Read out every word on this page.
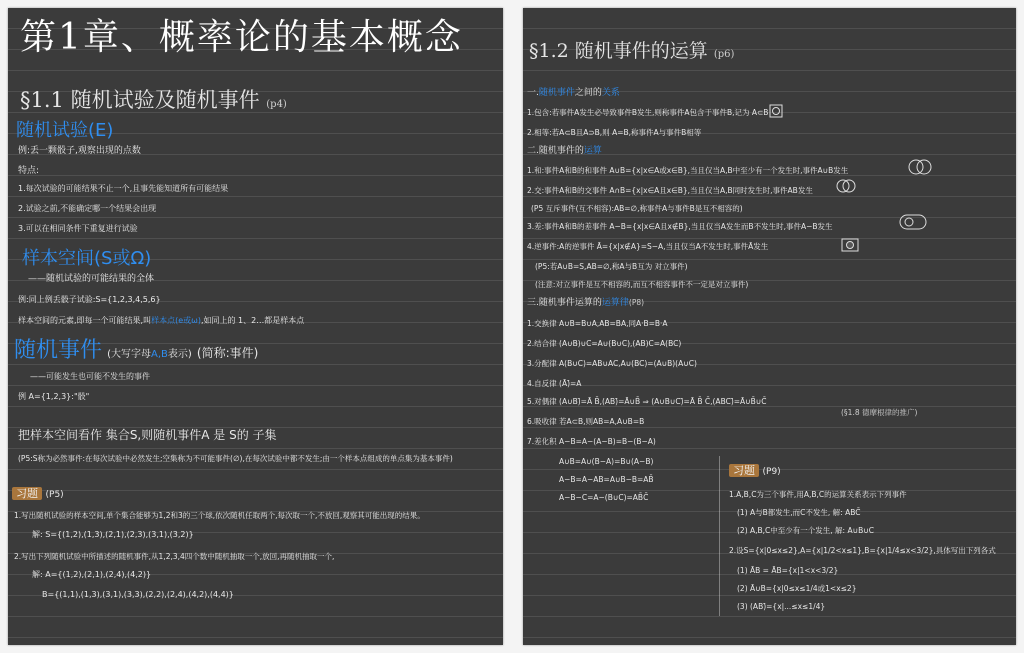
第1章、概率论的基本概念
§1.1 随机试验及随机事件 (p4)
随机试验(E)
例:丢一颗骰子,观察出现的点数
特点:
1.每次试验的可能结果不止一个,且事先能知道所有可能结果
2.试验之前,不能确定哪一个结果会出现
3.可以在相同条件下重复进行试验
样本空间(S或Ω)
——随机试验的可能结果的全体
例:同上例丢骰子试验:S={1,2,3,4,5,6}
样本空间的元素,即每一个可能结果,叫样本点(e或ω),如同上的 1、2…都是样本点
随机事件 (大写字母A,B表示) (简称:事件)
——可能发生也可能不发生的事件
例 A={1,2,3}:"骰"
把样本空间看作 集合S,则随机事件A 是 S的 子集
(P5:S称为必然事件:在每次试验中必然发生;空集称为不可能事件(∅),在每次试验中都不发生;由一个样本点组成的单点集为基本事件)
习题 (P5)
1.写出随机试验的样本空间,单个集合能够为1,2和3的三个球,依次随机任取两个,每次取一个,不放回,观察其可能出现的结果。
解: S={(1,2),(1,3),(2,1),(2,3),(3,1),(3,2)}
2.写出下列随机试验中所描述的随机事件,从1,2,3,4四个数中随机抽取一个,放回,再随机抽取一个,
解: A={(1,2),(2,1),(2,4),(4,2)}
B={(1,1),(1,3),(3,1),(3,3),(2,2),(2,4),(4,2),(4,4)}
§1.2 随机事件的运算 (p6)
一.随机事件之间的关系
1.包含:若事件A发生必导致事件B发生,则称事件A包含于事件B,记为 A⊂B
2.相等:若A⊂B且A⊃B,则 A=B,称事件A与事件B相等
二.随机事件的运算
1.和:事件A和B的和事件 A∪B={x|x∈A或x∈B},当且仅当A,B中至少有一个发生时,事件A∪B发生
2.交:事件A和B的交事件 A∩B={x|x∈A且x∈B},当且仅当A,B同时发生时,事件AB发生
(P5 互斥事件(互不相容):AB=∅,称事件A与事件B是互不相容的)
3.差:事件A和B的差事件 A−B={x|x∈A且x∉B},当且仅当A发生而B不发生时,事件A−B发生
4.逆事件:A的逆事件 Ā={x|x∉A}=S−A,当且仅当A不发生时,事件Ā发生
(P5:若A∪B=S,AB=∅,称A与B互为 对立事件)
(注意:对立事件是互不相容的,而互不相容事件不一定是对立事件)
三.随机事件运算的运算律(P8)
1.交换律 A∪B=B∪A,AB=BA,同A·B=B·A
2.结合律 (A∪B)∪C=A∪(B∪C),(AB)C=A(BC)
3.分配律 A(B∪C)=AB∪AC,A∪(BC)=(A∪B)(A∪C)
4.自反律 (Ā)̄=A
5.对偶律 (A∪B)̄=Ā B̄,(AB)̄=Ā∪B̄ ⇒ (A∪B∪C)̄=Ā B̄ C̄,(ABC)̄=Ā∪B̄∪C̄
(§1.8 德摩根律的推广)
6.吸收律 若A⊂B,则AB=A,A∪B=B
7.差化积 A−B=A−(A−B)=B−(B−A)
A∪B=A∪(B−A)=B∪(A−B)
A−B=A−AB=A∪B−B=AB̄
A−B−C=A−(B∪C)=AB̄C̄
习题 (P9)
1.A,B,C为三个事件,用A,B,C的运算关系表示下列事件
(1) A与B都发生,而C不发生, 解: ABC̄
(2) A,B,C中至少有一个发生, 解: A∪B∪C
2.设S={x|0≤x≤2},A={x|1/2<x≤1},B={x|1/4≤x<3/2},具体写出下列各式
(1) ĀB = ĀB={x|1<x<3/2}
(2) Ā∪B={x|0≤x≤1/4或1<x≤2}
(3) (AB)̄={x|...≤x≤1/4}
